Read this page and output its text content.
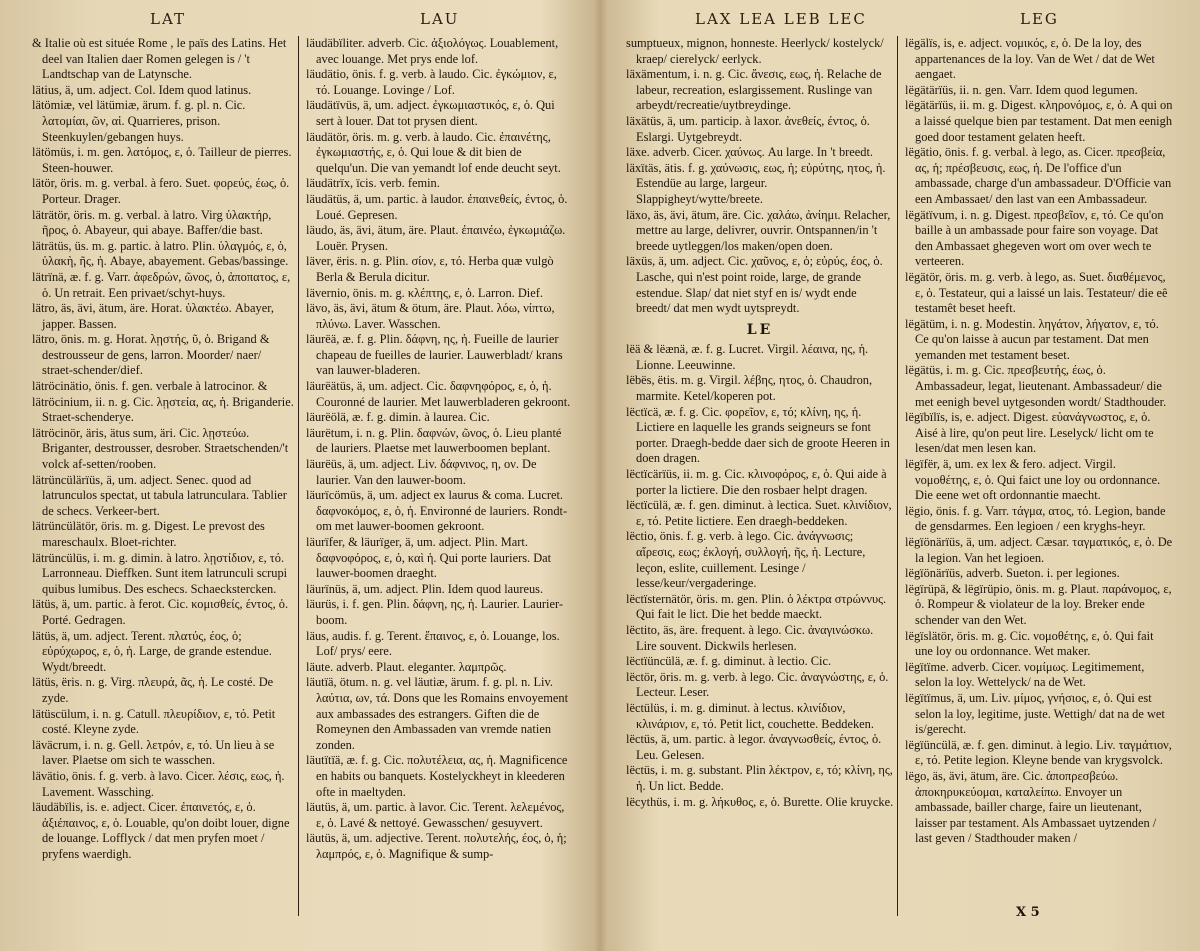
LAT	LAU
& Italie où est située Rome , le païs des Latins. Het deel van Italien daer Romen gelegen is / 't Landtschap van de Latynsche.
lätius, ä, um. adject. Col. Idem quod latinus.
lätömiæ, vel lätümiæ, ärum. f. g. pl. n. Cic. λατομίαι, ῶν, αἱ. Quarrieres, prison. Steenkuylen/gebangen huys.
lätömüs, i. m. gen. λατόμος, ε, ὁ. Tailleur de pierres. Steen-houwer.
lätör, öris. m. g. verbal. à fero. Suet. φορεύς, έως, ὁ. Porteur. Drager.
läträtör, öris. m. g. verbal. à latro. Virg ὑλακτήρ, ῆρος, ὁ. Abayeur, qui abaye. Baffer/die bast.
läträtüs, üs. m. g. partic. à latro. Plin. ὑλαγμός, ε, ὁ, ὑλακὴ, ῆς, ἡ. Abaye, abayement. Gebas/bassinge.
lätrïnä, æ. f. g. Varr. ἀφεδρών, ῶνος, ὁ, ἀποπατος, ε, ὁ. Un retrait. Een privaet/schyt-huys.
lätro, äs, ävi, ätum, äre. Horat. ὑλακτέω. Abayer, japper. Bassen.
lätro, önis. m. g. Horat. λῃστής, ῦ, ὁ. Brigand & destrousseur de gens, larron. Moorder/ naer/ straet-schender/dief.
lätröcinätio, önis. f. gen. verbale à latrocinor. &
lätröcinium, ii. n. g. Cic. λῃστεία, ας, ἡ. Briganderie. Straet-schenderye.
lätröcinör, äris, ätus sum, äri. Cic. λῃστεύω. Briganter, destrousser, desrober. Straetschenden/'t volck af-setten/rooben.
lätrüncülärïüs, ä, um. adject. Senec. quod ad latrunculos spectat, ut tabula latrunculara. Tablier de schecs. Verkeer-bert.
lätrüncülätör, öris. m. g. Digest. Le prevost des mareschaulx. Bloet-richter.
lätrüncülüs, i. m. g. dimin. à latro. λῃστίδιον, ε, τό. Larronneau. Dieffken. Sunt item latrunculi scrupi quibus lumibus. Des eschecs. Schaeckstercken.
lätüs, ä, um. partic. à ferot. Cic. κομισθείς, έντος, ὁ. Porté. Gedragen.
lätüs, ä, um. adject. Terent. πλατύς, έος, ὁ; εὐρύχωρος, ε, ὁ, ἡ. Large, de grande estendue. Wydt/breedt.
lätüs, ëris. n. g. Virg. πλευρά, ᾶς, ἡ. Le costé. De zyde.
lätüscülum, i. n. g. Catull. πλευρίδιον, ε, τό. Petit costé. Kleyne zyde.
läväcrum, i. n. g. Gell. λετρόν, ε, τό. Un lieu à se laver. Plaetse om sich te wasschen.
lävätio, önis. f. g. verb. à lavo. Cicer. λέσις, εως, ἡ. Lavement. Wassching.
läudäbïlis, is. e. adject. Cicer. ἐπαινετός, ε, ὁ. ἀξιέπαινος, ε, ὁ. Louable, qu'on doibt louer, digne de louange. Lofflyck / dat men pryfen moet / pryfens waerdigh.
läudäbïliter. adverb. Cic. ἀξιολόγως. Louablement, avec louange. Met prys ende lof.
läudätio, önis. f. g. verb. à laudo. Cic. ἐγκώμιον, ε, τό. Louange. Lovinge / Lof.
läudätïvüs, ä, um. adject. ἐγκωμιαστικός, ε, ὁ. Qui sert à louer. Dat tot prysen dient.
läudätör, öris. m. g. verb. à laudo. Cic. ἐπαινέτης, ἐγκωμιαστής, ε, ὁ. Qui loue & dit bien de quelqu'un. Die van yemandt lof ende deucht seyt.
läudätrïx, ïcis. verb. femin.
läudätüs, ä, um. partic. à laudor. ἐπαινεθείς, έντος, ὁ. Loué. Gepresen.
läudo, äs, ävi, ätum, äre. Plaut. ἐπαινέω, ἐγκωμιάζω. Louër. Prysen.
läver, ëris. n. g. Plin. σίον, ε, τό. Herba quæ vulgò Berla & Berula dicitur.
lävernio, önis. m. g. κλέπτης, ε, ὁ. Larron. Dief.
lävo, äs, ävi, ätum & ötum, äre. Plaut. λόω, νίπτω, πλύνω. Laver. Wasschen.
läurëä, æ. f. g. Plin. δάφνη, ης, ἡ. Fueille de laurier chapeau de fueilles de laurier. Lauwerbladt/ krans van lauwer-bladeren.
läurëätüs, ä, um. adject. Cic. δαφνηφόρος, ε, ὁ, ἡ. Couronné de laurier. Met lauwerbladeren gekroont.
läurëölä, æ. f. g. dimin. à laurea. Cic.
läurëtum, i. n. g. Plin. δαφνών, ῶνος, ὁ. Lieu planté de lauriers. Plaetse met lauwerboomen beplant.
läurëüs, ä, um. adject. Liv. δάφνινος, η, ον. De laurier. Van den lauwer-boom.
läurïcömüs, ä, um. adject ex laurus & coma. Lucret. δαφνοκόμος, ε, ὁ, ἡ. Environné de lauriers. Rondt-om met lauwer-boomen gekroont.
läurïfer, & läurïger, ä, um. adject. Plin. Mart. δαφνοφόρος, ε, ὁ, καὶ ἡ. Qui porte lauriers. Dat lauwer-boomen draeght.
läurïnüs, ä, um. adject. Plin. Idem quod laureus.
läurüs, i. f. gen. Plin. δάφνη, ης, ἡ. Laurier. Laurier-boom.
läus, audis. f. g. Terent. ἔπαινος, ε, ὁ. Louange, los. Lof/ prys/ eere.
läute. adverb. Plaut. eleganter. λαμπρῶς.
läutïä, ötum. n. g. vel läutiæ, ärum. f. g. pl. n. Liv. λαύτια, ων, τά. Dons que les Romains envoyement aux ambassades des estrangers. Giften die de Romeynen den Ambassaden van vremde natien zonden.
läutïtïä, æ. f. g. Cic. πολυτέλεια, ας, ἡ. Magnificence en habits ou banquets. Kostelyckheyt in kleederen ofte in maeltyden.
läutüs, ä, um. partic. à lavor. Cic. Terent. λελεμένος, ε, ὁ. Lavé & nettoyé. Gewasschen/ gesuyvert.
läutüs, ä, um. adjective. Terent. πολυτελής, έος, ὁ, ἡ; λαμπρός, ε, ὁ. Magnifique & sump-
LAX LEA LEB LEC	LEG
sumptueux, mignon, honneste. Heerlyck/ kostelyck/ kraep/ cierelyck/ eerlyck.
läxämentum, i. n. g. Cic. ἄνεσις, εως, ἡ. Relache de labeur, recreation, eslargissement. Ruslinge van arbeydt/recreatie/uytbreydinge.
läxätüs, ä, um. particip. à laxor. ἀνεθείς, έντος, ὁ. Eslargi. Uytgebreydt.
läxe. adverb. Cicer. χαύνως. Au large. In 't breedt.
läxïtäs, ätis. f. g. χαύνωσις, εως, ἡ; εὐρύτης, ητος, ἡ. Estendüe au large, largeur. Slappigheyt/wytte/breete.
läxo, äs, ävi, ätum, äre. Cic. χαλάω, ἀνίημι. Relacher, mettre au large, delivrer, ouvrir. Ontspannen/in 't breede uytleggen/los maken/open doen.
läxüs, ä, um. adject. Cic. χαῦνος, ε, ὁ; εὐρύς, έος, ὁ. Lasche, qui n'est point roide, large, de grande estendue. Slap/ dat niet styf en is/ wydt ende breedt/ dat men wydt uytspreydt.
LE
lëä & lëænä, æ. f. g. Lucret. Virgil. λέαινα, ης, ἡ. Lionne. Leeuwinne.
lëbës, ëtis. m. g. Virgil. λέβης, ητος, ὁ. Chaudron, marmite. Ketel/koperen pot.
lëctïcä, æ. f. g. Cic. φορεῖον, ε, τό; κλίνη, ης, ἡ. Lictiere en laquelle les grands seigneurs se font porter. Draegh-bedde daer sich de groote Heeren in doen dragen.
lëctïcärïüs, ii. m. g. Cic. κλινοφόρος, ε, ὁ. Qui aide à porter la lictiere. Die den rosbaer helpt dragen.
lëctïcülä, æ. f. gen. diminut. à lectica. Suet. κλινίδιον, ε, τό. Petite lictiere. Een draegh-beddeken.
lëctio, önis. f. g. verb. à lego. Cic. ἀνάγνωσις; αἵρεσις, εως; ἐκλογή, συλλογή, ῆς, ἡ. Lecture, leçon, eslite, cuillement. Lesinge / lesse/keur/vergaderinge.
lëctïsternätör, öris. m. gen. Plin. ὁ λέκτρα στρώννυς. Qui fait le lict. Die het bedde maeckt.
lëctito, äs, äre. frequent. à lego. Cic. ἀναγινώσκω. Lire souvent. Dickwils herlesen.
lëctïüncülä, æ. f. g. diminut. à lectio. Cic.
lëctör, öris. m. g. verb. à lego. Cic. ἀναγνώστης, ε, ὁ. Lecteur. Leser.
lëctülüs, i. m. g. diminut. à lectus. κλινίδιον, κλινάριον, ε, τό. Petit lict, couchette. Beddeken.
lëctüs, ä, um. partic. à legor. ἀναγνωσθείς, έντος, ὁ. Leu. Gelesen.
lëctüs, i. m. g. substant. Plin λέκτρον, ε, τό; κλίνη, ης, ἡ. Un lict. Bedde.
lëcythüs, i. m. g. λήκυθος, ε, ὁ. Burette. Olie kruycke.
lëgälïs, is, e. adject. νομικός, ε, ὁ. De la loy, des appartenances de la loy. Van de Wet / dat de Wet aengaet.
lëgätärïüs, ii. n. gen. Varr. Idem quod legumen.
lëgätärïüs, ii. m. g. Digest. κληρονόμος, ε, ὁ. A qui on a laissé quelque bien par testament. Dat men eenigh goed door testament gelaten heeft.
lëgätio, önis. f. g. verbal. à lego, as. Cicer. πρεσβεία, ας, ἡ; πρέσβευσις, εως, ἡ. De l'office d'un ambassade, charge d'un ambassadeur. D'Officie van een Ambassaet/ den last van een Ambassadeur.
lëgätïvum, i. n. g. Digest. πρεσβεῖον, ε, τό. Ce qu'on baille à un ambassade pour faire son voyage. Dat den Ambassaet ghegeven wort om over wech te verteeren.
lëgätör, öris. m. g. verb. à lego, as. Suet. διαθέμενος, ε, ὁ. Testateur, qui a laissé un lais. Testateur/ die eê testamêt beset heeft.
lëgätüm, i. n. g. Modestin. ληγάτον, λήγατον, ε, τό. Ce qu'on laisse à aucun par testament. Dat men yemanden met testament beset.
lëgätüs, i. m. g. Cic. πρεσβευτής, έως, ὁ. Ambassadeur, legat, lieutenant. Ambassadeur/ die met eenigh bevel uytgesonden wordt/ Stadthouder.
lëgïbïlïs, is, e. adject. Digest. εὐανάγνωστος, ε, ὁ. Aisé à lire, qu'on peut lire. Leselyck/ licht om te lesen/dat men lesen kan.
lëgïfër, ä, um. ex lex & fero. adject. Virgil. νομοθέτης, ε, ὁ. Qui faict une loy ou ordonnance. Die eene wet oft ordonnantie maecht.
lëgio, önis. f. g. Varr. τάγμα, ατος, τό. Legion, bande de gensdarmes. Een legioen / een kryghs-heyr.
lëgïönärïüs, ä, um. adject. Cæsar. ταγματικός, ε, ὁ. De la legion. Van het legioen.
lëgïönärïüs, adverb. Sueton. i. per legiones.
lëgïrüpä, & lëgïrüpio, önis. m. g. Plaut. παράνομος, ε, ὁ. Rompeur & violateur de la loy. Breker ende schender van den Wet.
lëgïslätör, öris. m. g. Cic. νομοθέτης, ε, ὁ. Qui fait une loy ou ordonnance. Wet maker.
lëgïtïme. adverb. Cicer. νομίμως. Legitimement, selon la loy. Wettelyck/ na de Wet.
lëgïtïmus, ä, um. Liv. μίμος, γνήσιος, ε, ὁ. Qui est selon la loy, legitime, juste. Wettigh/ dat na de wet is/gerecht.
lëgïüncülä, æ. f. gen. diminut. à legio. Liv. ταγμάτιον, ε, τό. Petite legion. Kleyne bende van krygsvolck.
lëgo, äs, ävi, ätum, äre. Cic. ἀποπρεσβεύω. ἀποκηρυκεύομαι, καταλείπω. Envoyer un ambassade, bailler charge, faire un lieutenant, laisser par testament. Als Ambassaet uytzenden / last geven / Stadthouder maken /
X 5
